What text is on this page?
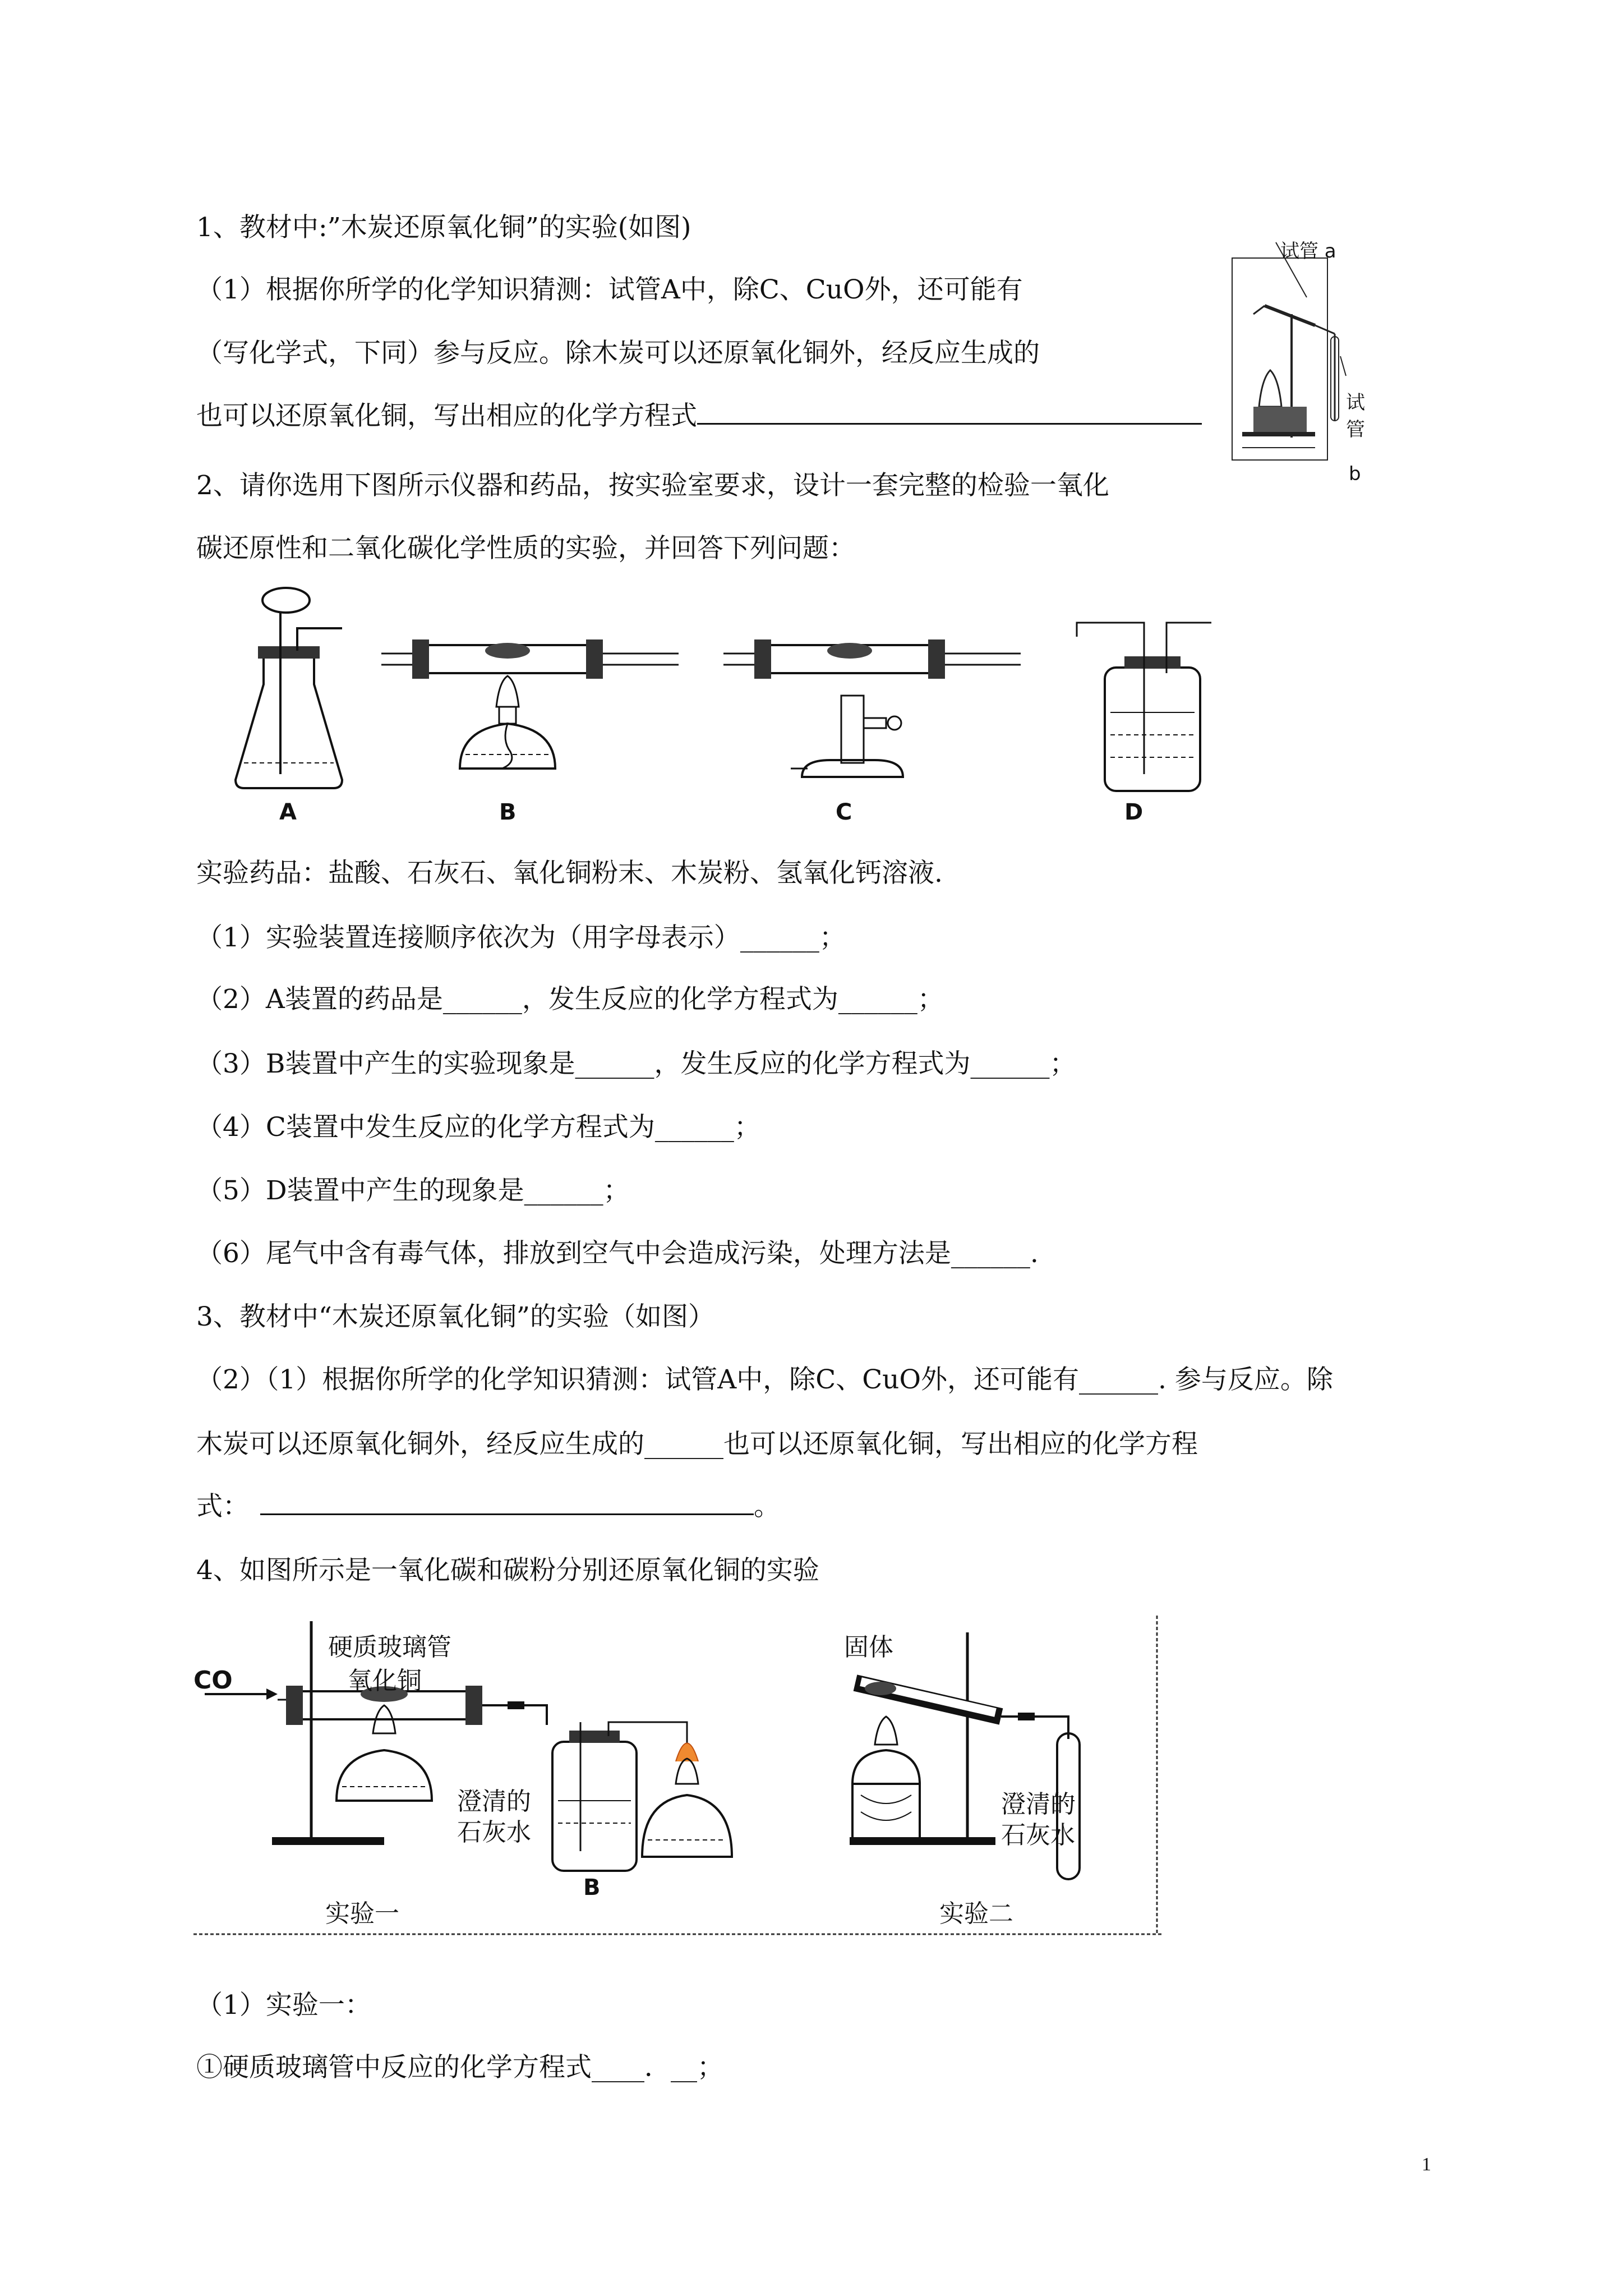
1、教材中:”木炭还原氧化铜”的实验(如图)
（1）根据你所学的化学知识猜测：试管A中，除C、CuO外，还可能有
（写化学式，下同）参与反应。除木炭可以还原氧化铜外，经反应生成的
也可以还原氧化铜，写出相应的化学方程式
试管 a
试
管
b
2、请你选用下图所示仪器和药品，按实验室要求，设计一套完整的检验一氧化
碳还原性和二氧化碳化学性质的实验，并回答下列问题：
A	B	C	D
实验药品：盐酸、石灰石、氧化铜粉末、木炭粉、氢氧化钙溶液.
（1）实验装置连接顺序依次为（用字母表示）______；
（2）A装置的药品是______，发生反应的化学方程式为______；
（3）B装置中产生的实验现象是______，发生反应的化学方程式为______；
（4）C装置中发生反应的化学方程式为______；
（5）D装置中产生的现象是______；
（6）尾气中含有毒气体，排放到空气中会造成污染，处理方法是______.
3、教材中“木炭还原氧化铜”的实验（如图）
（2）（1）根据你所学的化学知识猜测：试管A中，除C、CuO外，还可能有______. 参与反应。除
木炭可以还原氧化铜外，经反应生成的______也可以还原氧化铜，写出相应的化学方程
式：	。
4、如图所示是一氧化碳和碳粉分别还原氧化铜的实验
CO
硬质玻璃管
氧化铜
澄清的
石灰水
B
实验一
固体
澄清的
石灰水
实验二
（1）实验一：
①硬质玻璃管中反应的化学方程式____．__；
1
